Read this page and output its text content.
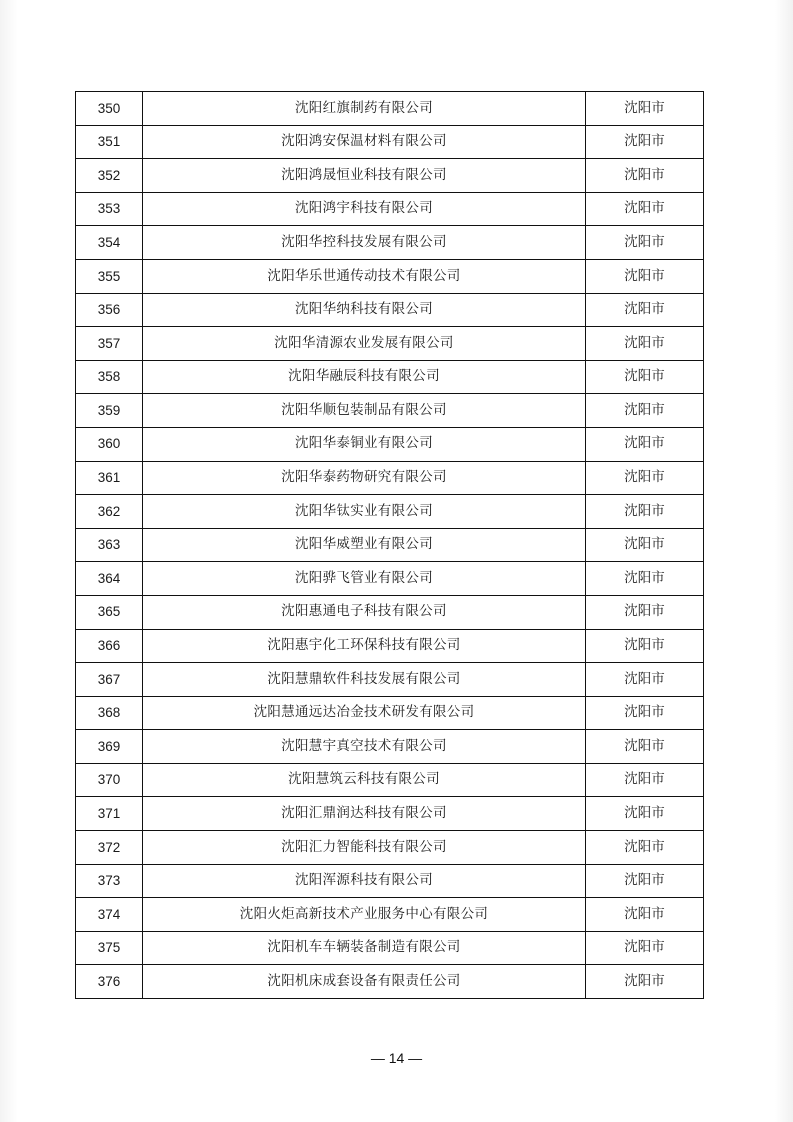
350	沈阳红旗制药有限公司	沈阳市
351	沈阳鸿安保温材料有限公司	沈阳市
352	沈阳鸿晟恒业科技有限公司	沈阳市
353	沈阳鸿宇科技有限公司	沈阳市
354	沈阳华控科技发展有限公司	沈阳市
355	沈阳华乐世通传动技术有限公司	沈阳市
356	沈阳华纳科技有限公司	沈阳市
357	沈阳华清源农业发展有限公司	沈阳市
358	沈阳华融辰科技有限公司	沈阳市
359	沈阳华顺包装制品有限公司	沈阳市
360	沈阳华泰铜业有限公司	沈阳市
361	沈阳华泰药物研究有限公司	沈阳市
362	沈阳华钛实业有限公司	沈阳市
363	沈阳华威塑业有限公司	沈阳市
364	沈阳骅飞管业有限公司	沈阳市
365	沈阳惠通电子科技有限公司	沈阳市
366	沈阳惠宇化工环保科技有限公司	沈阳市
367	沈阳慧鼎软件科技发展有限公司	沈阳市
368	沈阳慧通远达冶金技术研发有限公司	沈阳市
369	沈阳慧宇真空技术有限公司	沈阳市
370	沈阳慧筑云科技有限公司	沈阳市
371	沈阳汇鼎润达科技有限公司	沈阳市
372	沈阳汇力智能科技有限公司	沈阳市
373	沈阳浑源科技有限公司	沈阳市
374	沈阳火炬高新技术产业服务中心有限公司	沈阳市
375	沈阳机车车辆装备制造有限公司	沈阳市
376	沈阳机床成套设备有限责任公司	沈阳市
— 14 —
